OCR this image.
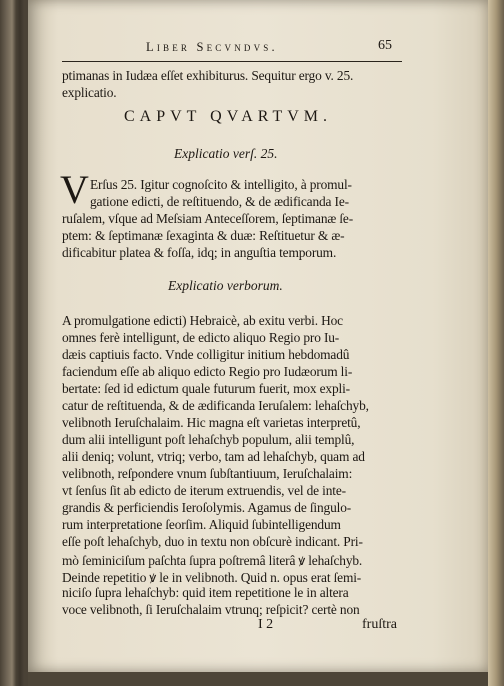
Liber Secvndvs.	65
ptimanas in Iudæa eſſet exhibiturus. Sequitur ergo v. 25.
explicatio.
CAPVT QVARTVM.
Explicatio verſ. 25.
V Erſus 25. Igitur cognoſcito & intelligito, à promul-
gatione edicti, de reſtituendo, & de ædificanda Ie-
ruſalem, vſque ad Meſsiam Anteceſſorem, ſeptimanæ ſe-
ptem: & ſeptimanæ ſexaginta & duæ: Reſtituetur & æ-
dificabitur platea & foſſa, idq; in anguſtia temporum.
Explicatio verborum.
A promulgatione edicti) Hebraicè, ab exitu verbi. Hoc
omnes ferè intelligunt, de edicto aliquo Regio pro Iu-
dæis captiuis facto. Vnde colligitur initium hebdomadû
faciendum eſſe ab aliquo edicto Regio pro Iudæorum li-
bertate: ſed id edictum quale futurum fuerit, mox expli-
catur de reſtituenda, & de ædificanda Ieruſalem: lehaſchyb,
velibnoth Ieruſchalaim. Hic magna eſt varietas interpretû,
dum alii intelligunt poſt lehaſchyb populum, alii templû,
alii deniq; volunt, vtriq; verbo, tam ad lehaſchyb, quam ad
velibnoth, reſpondere vnum ſubſtantiuum, Ieruſchalaim:
vt ſenſus ſit ab edicto de iterum extruendis, vel de inte-
grandis & perficiendis Ieroſolymis. Agamus de ſingulo-
rum interpretatione ſeorſim. Aliquid ſubintelligendum
eſſe poſt lehaſchyb, duo in textu non obſcurè indicant. Pri-
mò ſeminiciſum paſchta ſupra poſtremâ literâ ꝟ lehaſchyb.
Deinde repetitio ꝟ le in velibnoth. Quid n. opus erat ſemi-
niciſo ſupra lehaſchyb: quid item repetitione le in altera
voce velibnoth, ſi Ieruſchalaim vtrunq; reſpicit? certè non
I 2	fruſtra
